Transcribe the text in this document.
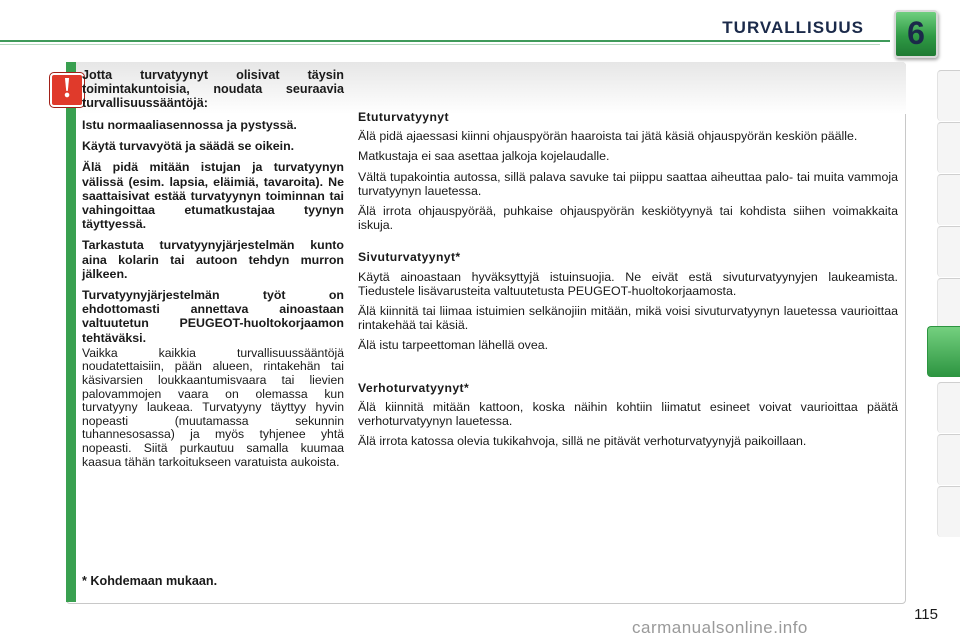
TURVALLISUUS	6
! Jotta turvatyynyt olisivat täysin toimintakuntoisia, noudata seuraavia turvallisuussääntöjä:

Istu normaaliasennossa ja pystyssä.

Käytä turvavyötä ja säädä se oikein.

Älä pidä mitään istujan ja turvatyynyn välissä (esim. lapsia, eläimiä, tavaroita). Ne saattaisivat estää turvatyynyn toiminnan tai vahingoittaa etumatkustajaa tyynyn täyttyessä.

Tarkastuta turvatyynyjärjestelmän kunto aina kolarin tai autoon tehdyn murron jälkeen.

Turvatyynyjärjestelmän työt on ehdottomasti annettava ainoastaan valtuutetun PEUGEOT-huoltokorjaamon tehtäväksi.

Vaikka kaikkia turvallisuussääntöjä noudatettaisiin, pään alueen, rintakehän tai käsivarsien loukkaantumisvaara tai lievien palovammojen vaara on olemassa kun turvatyyny laukeaa. Turvatyyny täyttyy hyvin nopeasti (muutamassa sekunnin tuhannesosassa) ja myös tyhjenee yhtä nopeasti. Siitä purkautuu samalla kuumaa kaasua tähän tarkoitukseen varatuista aukoista.

* Kohdemaan mukaan.
Etuturvatyynyt

Älä pidä ajaessasi kiinni ohjauspyörän haaroista tai jätä käsiä ohjauspyörän keskiön päälle.

Matkustaja ei saa asettaa jalkoja kojelaudalle.

Vältä tupakointia autossa, sillä palava savuke tai piippu saattaa aiheuttaa palo- tai muita vammoja turvatyynyn lauetessa.

Älä irrota ohjauspyörää, puhkaise ohjauspyörän keskiötyynyä tai kohdista siihen voimakkaita iskuja.

Sivuturvatyynyt*

Käytä ainoastaan hyväksyttyjä istuinsuojia. Ne eivät estä sivuturvatyynyjen laukeamista. Tiedustele lisävarusteita valtuutetusta PEUGEOT-huoltokorjaamosta.

Älä kiinnitä tai liimaa istuimien selkänojiin mitään, mikä voisi sivuturvatyynyn lauetessa vaurioittaa rintakehää tai käsiä.

Älä istu tarpeettoman lähellä ovea.

Verhoturvatyynyt*

Älä kiinnitä mitään kattoon, koska näihin kohtiin liimatut esineet voivat vaurioittaa päätä verhoturvatyynyn lauetessa.

Älä irrota katossa olevia tukikahvoja, sillä ne pitävät verhoturvatyynyjä paikoillaan.

115
carmanualsonline.info
